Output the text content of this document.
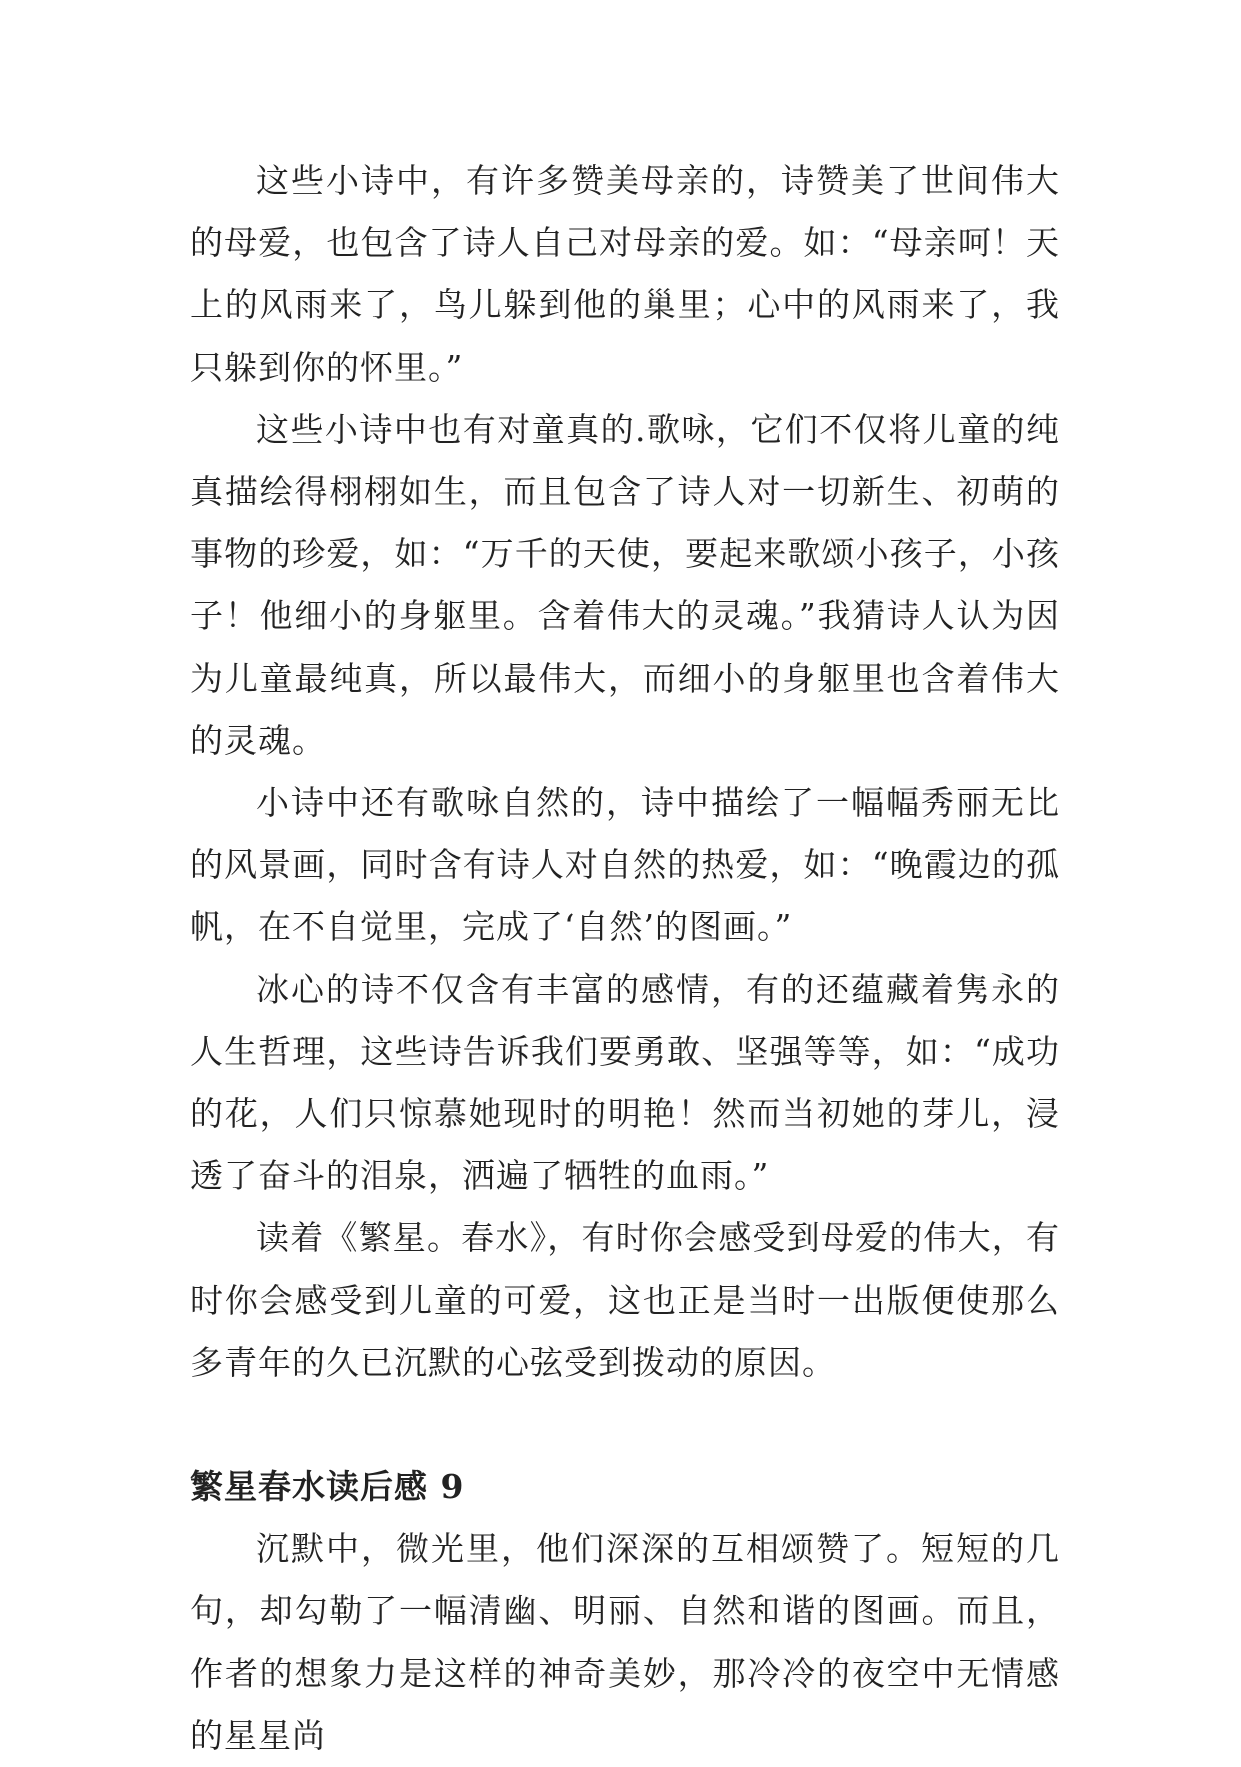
这些小诗中，有许多赞美母亲的，诗赞美了世间伟大的母爱，也包含了诗人自己对母亲的爱。如：“母亲呵！天上的风雨来了，鸟儿躲到他的巢里；心中的风雨来了，我只躲到你的怀里。”

这些小诗中也有对童真的.歌咏，它们不仅将儿童的纯真描绘得栩栩如生，而且包含了诗人对一切新生、初萌的事物的珍爱，如：“万千的天使，要起来歌颂小孩子，小孩子！他细小的身躯里。含着伟大的灵魂。”我猜诗人认为因为儿童最纯真，所以最伟大，而细小的身躯里也含着伟大的灵魂。

小诗中还有歌咏自然的，诗中描绘了一幅幅秀丽无比的风景画，同时含有诗人对自然的热爱，如：“晚霞边的孤帆，在不自觉里，完成了‘自然’的图画。”

冰心的诗不仅含有丰富的感情，有的还蕴藏着隽永的人生哲理，这些诗告诉我们要勇敢、坚强等等，如：“成功的花，人们只惊慕她现时的明艳！然而当初她的芽儿，浸透了奋斗的泪泉，洒遍了牺牲的血雨。”

读着《繁星。春水》，有时你会感受到母爱的伟大，有时你会感受到儿童的可爱，这也正是当时一出版便使那么多青年的久已沉默的心弦受到拨动的原因。

繁星春水读后感 9

沉默中，微光里，他们深深的互相颂赞了。短短的几句，却勾勒了一幅清幽、明丽、自然和谐的图画。而且，作者的想象力是这样的神奇美妙，那冷冷的夜空中无情感的星星尚
